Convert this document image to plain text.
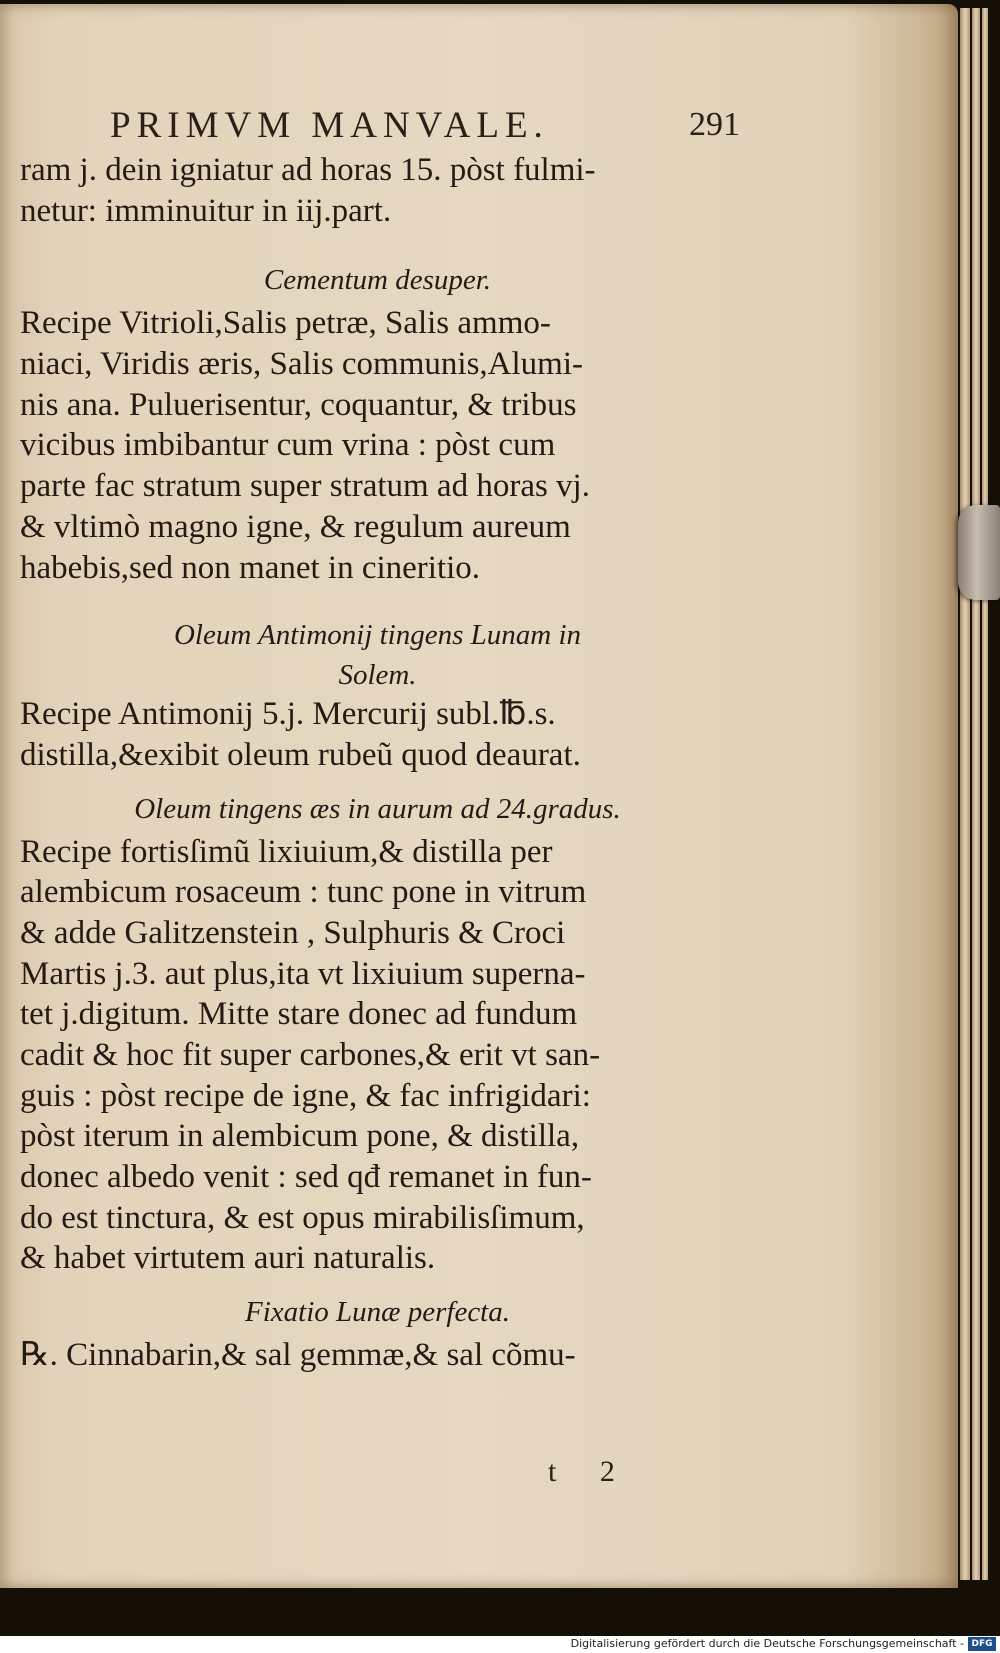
PRIMVM MANVALE.	291
ram j. dein igniatur ad horas 15. pòst fulmi-
netur: imminuitur in iij.part.
Cementum desuper.
Recipe Vitrioli,Salis petræ, Salis ammo-
niaci, Viridis æris, Salis communis,Alumi-
nis ana. Puluerisentur, coquantur, & tribus
vicibus imbibantur cum vrina : pòst cum
parte fac stratum super stratum ad horas vj.
& vltimò magno igne, & regulum aureum
habebis,sed non manet in cineritio.
Oleum Antimonij tingens Lunam in
Solem.
Recipe Antimonij 5.j. Mercurij subl.℔.s.
distilla,&exibit oleum rubeũ quod deaurat.
Oleum tingens æs in aurum ad 24.gradus.
Recipe fortisſimũ lixiuium,& distilla per
alembicum rosaceum : tunc pone in vitrum
& adde Galitzenstein , Sulphuris & Croci
Martis j.3. aut plus,ita vt lixiuium superna-
tet j.digitum. Mitte stare donec ad fundum
cadit & hoc fit super carbones,& erit vt san-
guis : pòst recipe de igne, & fac infrigidari:
pòst iterum in alembicum pone, & distilla,
donec albedo venit : sed qđ remanet in fun-
do est tinctura, & est opus mirabilisſimum,
& habet virtutem auri naturalis.
Fixatio Lunæ perfecta.
℞. Cinnabarin,& sal gemmæ,& sal cõmu-
t 2
Digitalisierung gefördert durch die Deutsche Forschungsgemeinschaft - DFG
